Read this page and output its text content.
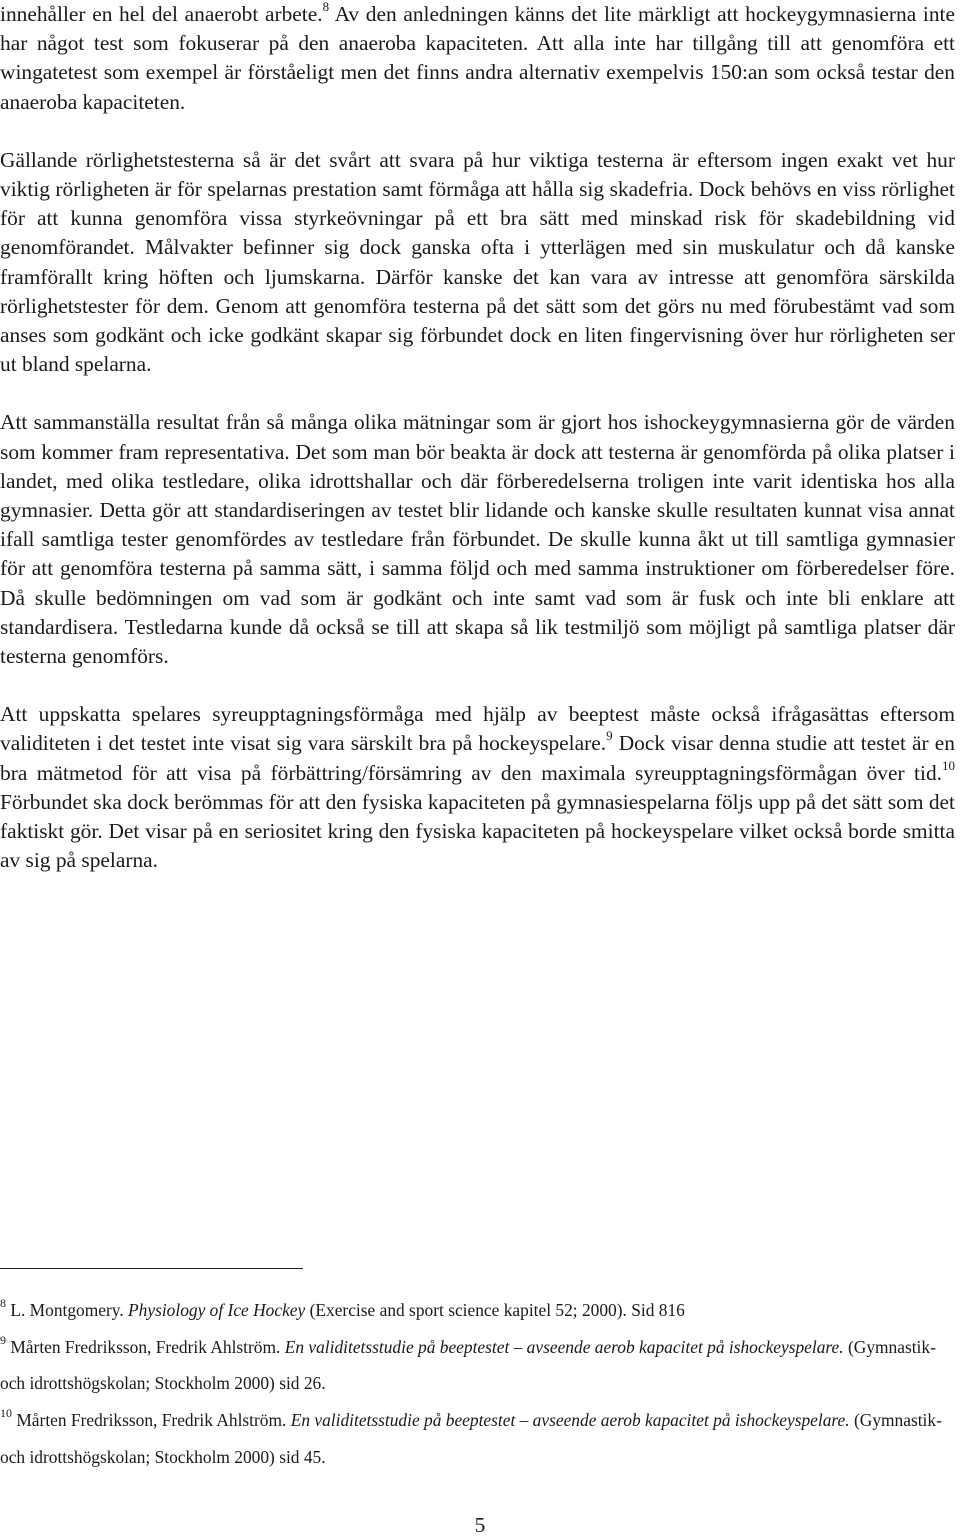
innehåller en hel del anaerobt arbete.$^8$ Av den anledningen känns det lite märkligt att hockeygymnasierna inte har något test som fokuserar på den anaeroba kapaciteten. Att alla inte har tillgång till att genomföra ett wingatetest som exempel är förståeligt men det finns andra alternativ exempelvis 150:an som också testar den anaeroba kapaciteten.

Gällande rörlighetstesterna så är det svårt att svara på hur viktiga testerna är eftersom ingen exakt vet hur viktig rörligheten är för spelarnas prestation samt förmåga att hålla sig skadefria. Dock behövs en viss rörlighet för att kunna genomföra vissa styrkeövningar på ett bra sätt med minskad risk för skadebildning vid genomförandet. Målvakter befinner sig dock ganska ofta i ytterlägen med sin muskulatur och då kanske framförallt kring höften och ljumskarna. Därför kanske det kan vara av intresse att genomföra särskilda rörlighetstester för dem. Genom att genomföra testerna på det sätt som det görs nu med förubestämt vad som anses som godkänt och icke godkänt skapar sig förbundet dock en liten fingervisning över hur rörligheten ser ut bland spelarna.

Att sammanställa resultat från så många olika mätningar som är gjort hos ishockeygymnasierna gör de värden som kommer fram representativa. Det som man bör beakta är dock att testerna är genomförda på olika platser i landet, med olika testledare, olika idrottshallar och där förberedelserna troligen inte varit identiska hos alla gymnasier. Detta gör att standardiseringen av testet blir lidande och kanske skulle resultaten kunnat visa annat ifall samtliga tester genomfördes av testledare från förbundet. De skulle kunna åkt ut till samtliga gymnasier för att genomföra testerna på samma sätt, i samma följd och med samma instruktioner om förberedelser före. Då skulle bedömningen om vad som är godkänt och inte samt vad som är fusk och inte bli enklare att standardisera. Testledarna kunde då också se till att skapa så lik testmiljö som möjligt på samtliga platser där testerna genomförs.

Att uppskatta spelares syreupptagningsförmåga med hjälp av beeptest måste också ifrågasättas eftersom validiteten i det testet inte visat sig vara särskilt bra på hockeyspelare.$^9$ Dock visar denna studie att testet är en bra mätmetod för att visa på förbättring/försämring av den maximala syreupptagningsförmågan över tid.$^{10}$ Förbundet ska dock berömmas för att den fysiska kapaciteten på gymnasiespelarna följs upp på det sätt som det faktiskt gör. Det visar på en seriositet kring den fysiska kapaciteten på hockeyspelare vilket också borde smitta av sig på spelarna.

$^8$ L. Montgomery. Physiology of Ice Hockey (Exercise and sport science kapitel 52; 2000). Sid 816
$^9$ Mårten Fredriksson, Fredrik Ahlström. En validitetsstudie på beeptestet – avseende aerob kapacitet på ishockeyspelare. (Gymnastik- och idrottshögskolan; Stockholm 2000) sid 26.
$^{10}$ Mårten Fredriksson, Fredrik Ahlström. En validitetsstudie på beeptestet – avseende aerob kapacitet på ishockeyspelare. (Gymnastik- och idrottshögskolan; Stockholm 2000) sid 45.
5
